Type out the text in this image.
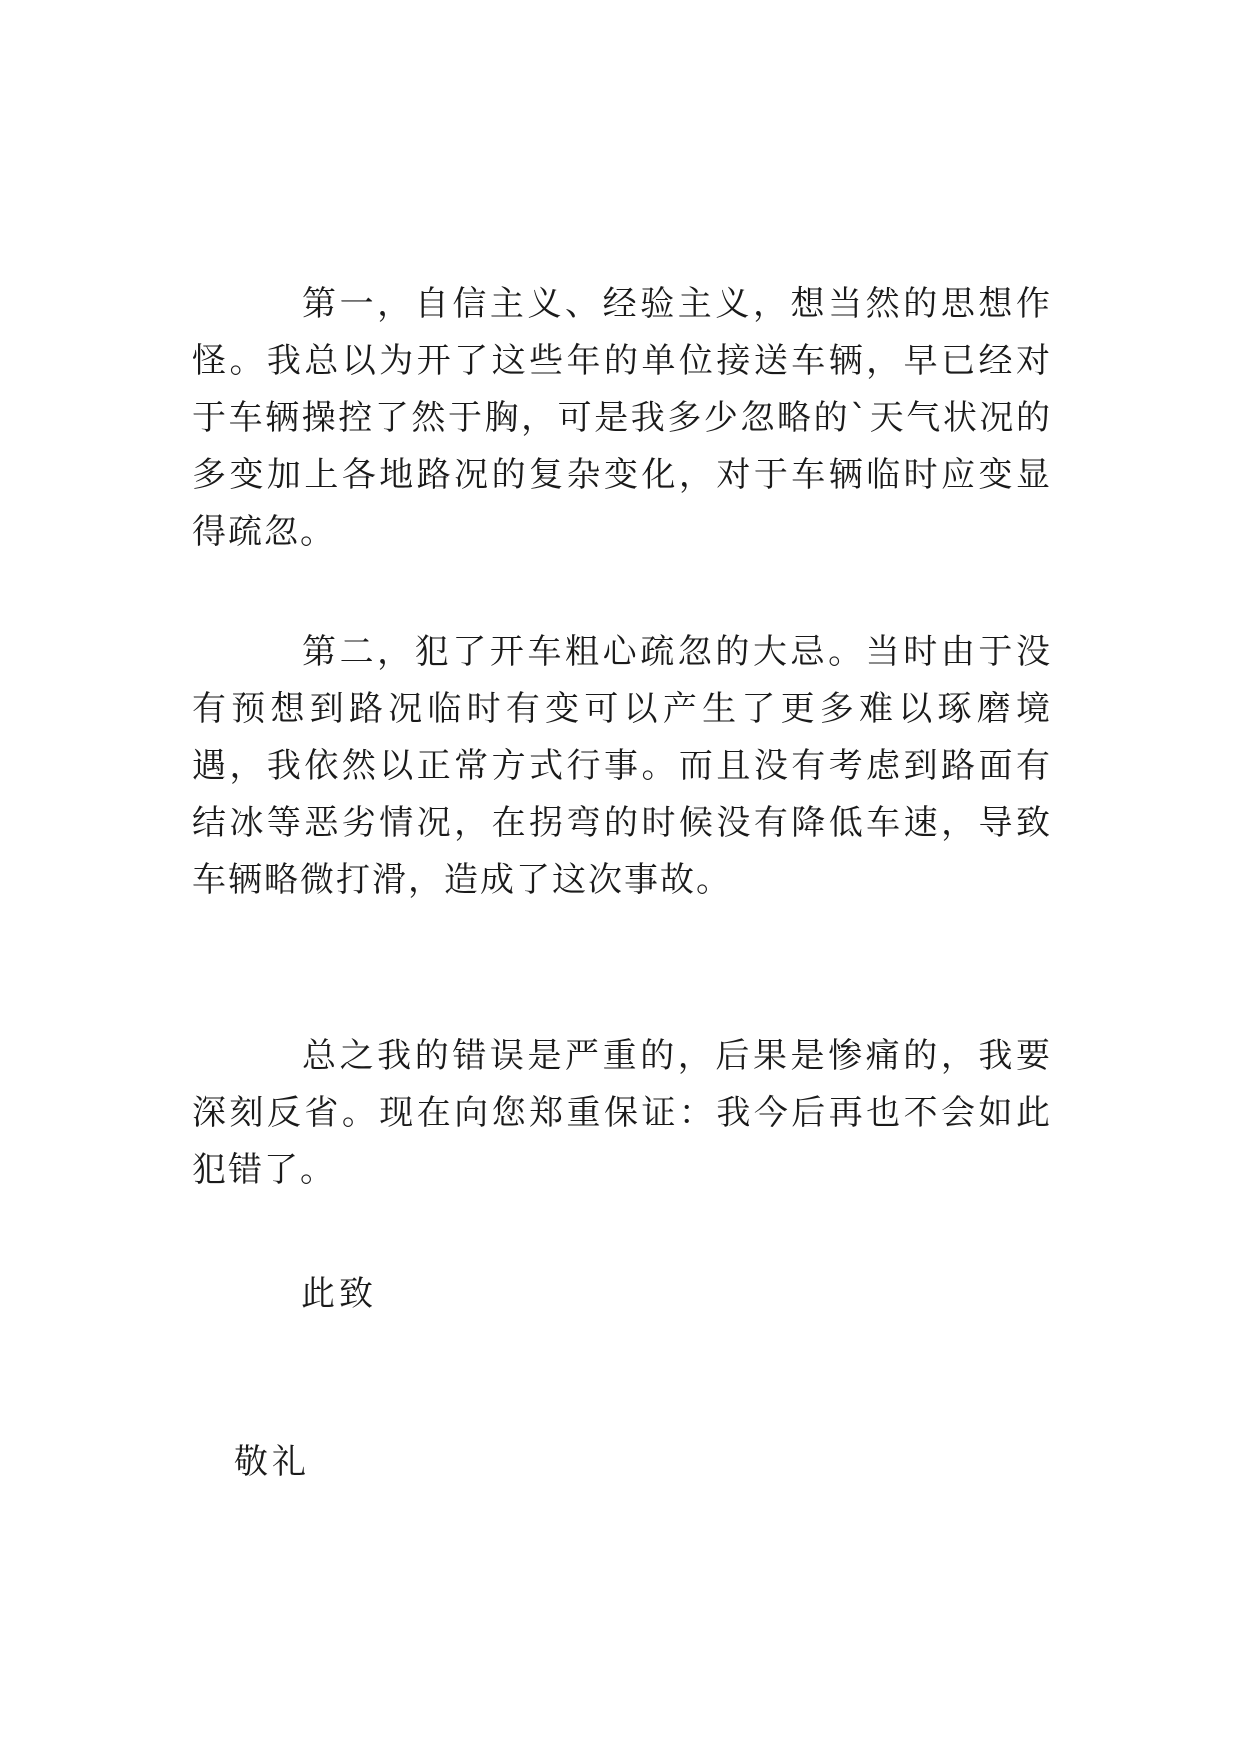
第一，自信主义、经验主义，想当然的思想作怪。我总以为开了这些年的单位接送车辆，早已经对于车辆操控了然于胸，可是我多少忽略的`天气状况的多变加上各地路况的复杂变化，对于车辆临时应变显得疏忽。

第二，犯了开车粗心疏忽的大忌。当时由于没有预想到路况临时有变可以产生了更多难以琢磨境遇，我依然以正常方式行事。而且没有考虑到路面有结冰等恶劣情况，在拐弯的时候没有降低车速，导致车辆略微打滑，造成了这次事故。

总之我的错误是严重的，后果是惨痛的，我要深刻反省。现在向您郑重保证：我今后再也不会如此犯错了。

此致

敬礼
